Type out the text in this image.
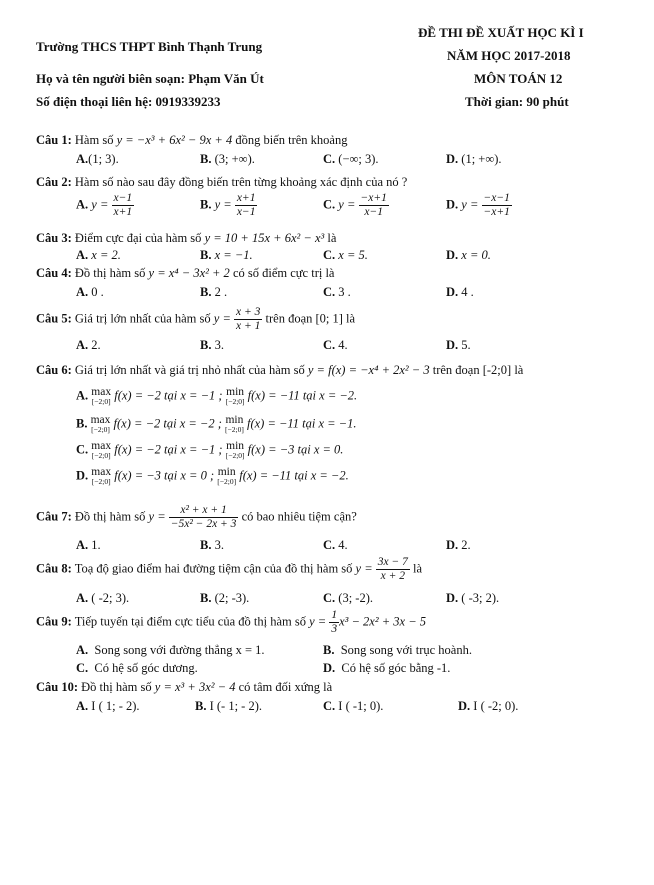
Trường THCS THPT Bình Thạnh Trung
ĐỀ THI ĐỀ XUẤT HỌC KÌ I
NĂM HỌC 2017-2018
Họ và tên người biên soạn: Phạm Văn Út	MÔN TOÁN 12
Số điện thoại liên hệ: 0919339233	Thời gian: 90 phút
Câu 1: Hàm số y = −x³ + 6x² − 9x + 4 đồng biến trên khoảng
A.(1; 3).	B. (3; +∞).	C. (−∞; 3).	D. (1; +∞).
Câu 2: Hàm số nào sau đây đồng biến trên từng khoảng xác định của nó ?
A. $y = \frac{x-1}{x+1}$	B. $y = \frac{x+1}{x-1}$	C. $y = \frac{-x+1}{x-1}$	D. $y = \frac{-x-1}{-x+1}$
Câu 3: Điểm cực đại của hàm số y = 10 + 15x + 6x² − x³ là
A. x = 2.	B. x = −1.	C. x = 5.	D. x = 0.
Câu 4: Đồ thị hàm số y = x⁴ − 3x² + 2 có số điểm cực trị là
A. 0 .	B. 2 .	C. 3 .	D. 4 .
Câu 5: Giá trị lớn nhất của hàm số $y = \frac{x + 3}{x + 1}$ trên đoạn [0; 1] là
A. 2.	B. 3.	C. 4.	D. 5.
Câu 6: Giá trị lớn nhất và giá trị nhỏ nhất của hàm số y = f(x) = −x⁴ + 2x² − 3 trên đoạn [-2;0] là
A. max
[−2;0] f(x) = −2 tại x = −1 ; min
[−2;0] f(x) = −11 tại x = −2.
B. max
[−2;0] f(x) = −2 tại x = −2 ; min
[−2;0] f(x) = −11 tại x = −1.
C. max
[−2;0] f(x) = −2 tại x = −1 ; min
[−2;0] f(x) = −3 tại x = 0.
D. max
[−2;0] f(x) = −3 tại x = 0 ; min
[−2;0] f(x) = −11 tại x = −2.
Câu 7: Đồ thị hàm số $y = \frac{\text{x² + x + 1}}{\text{−5x² − 2x + 3}}$ có bao nhiêu tiệm cận?
A. 1.	B. 3.	C. 4.	D. 2.
Câu 8: Toạ độ giao điểm hai đường tiệm cận của đồ thị hàm số $y = \frac{3x - 7}{x + 2}$ là
A. ( -2; 3).	B. (2; -3).	C. (3; -2).	D. ( -3; 2).
Câu 9: Tiếp tuyến tại điểm cực tiểu của đồ thị hàm số $y = \frac{1}{3} x^3 - 2x^2 + 3x - 5$
A. Song song với đường thẳng x = 1.	B. Song song với trục hoành.
C. Có hệ số góc dương.	D. Có hệ số góc bằng -1.
Câu 10: Đồ thị hàm số y = x³ + 3x² − 4 có tâm đối xứng là
A. I ( 1; - 2).	B. I (- 1; - 2).	C. I ( -1; 0).	D. I ( -2; 0).
